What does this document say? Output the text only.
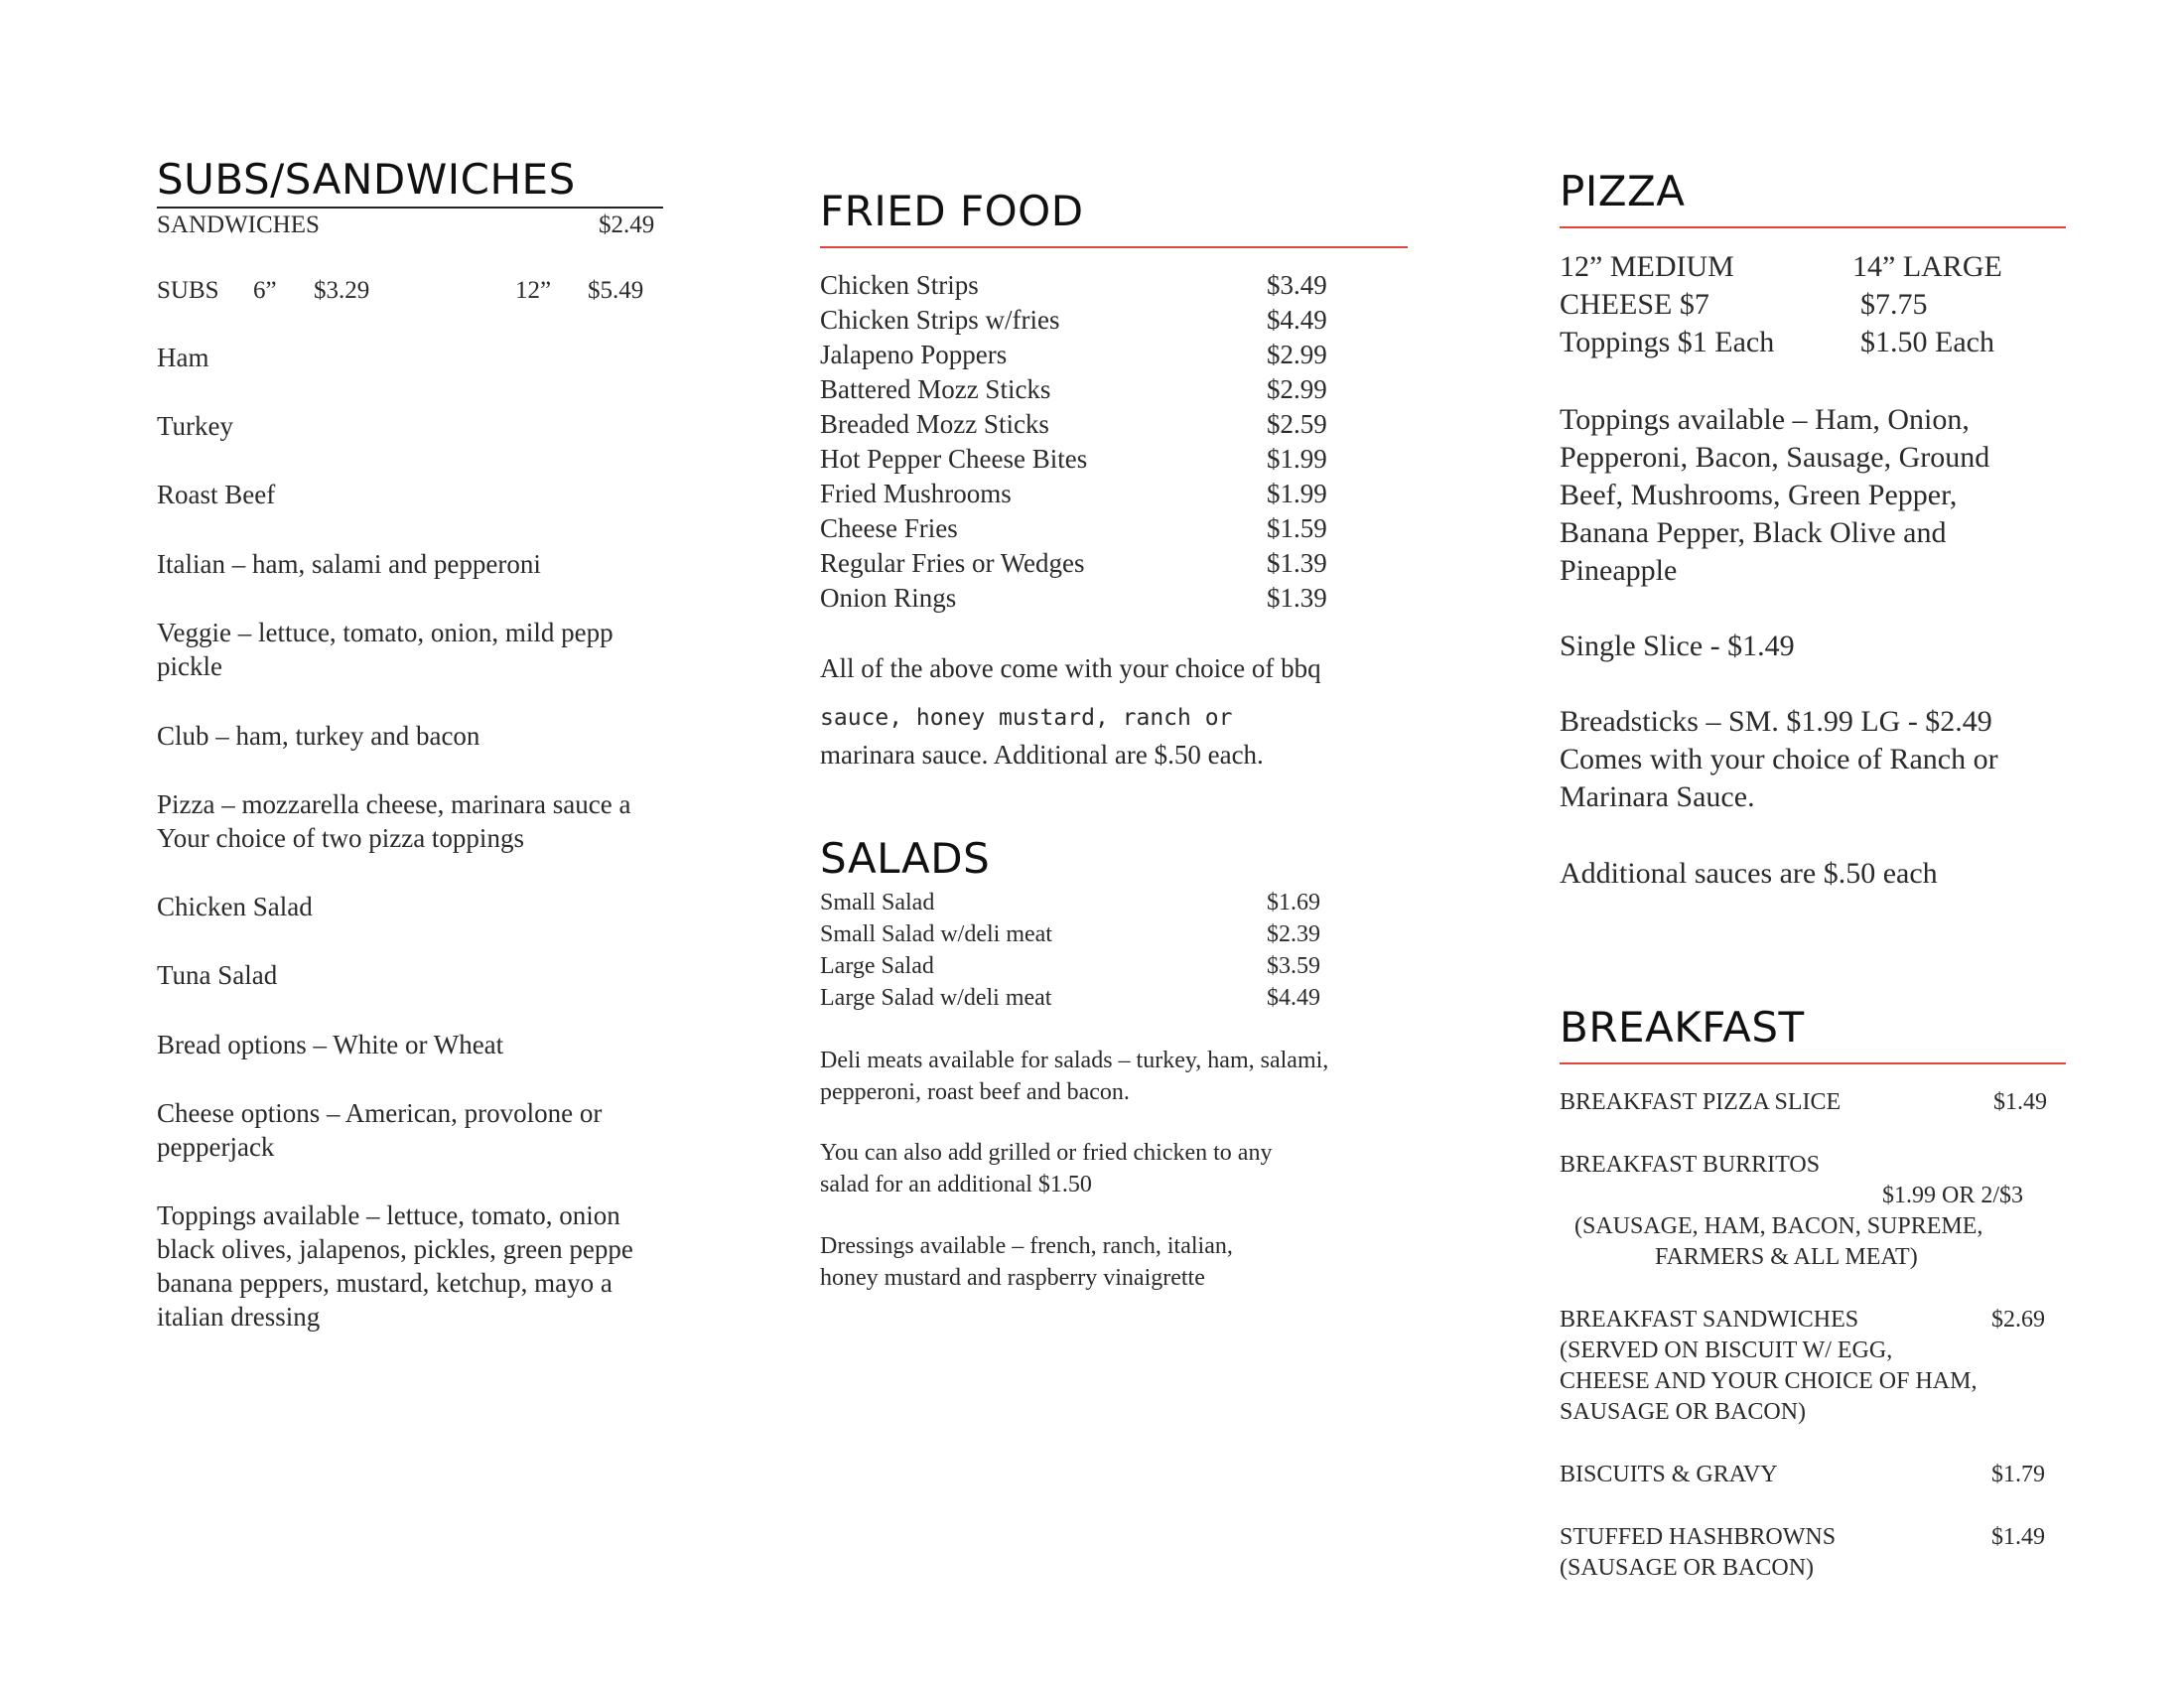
SUBS/SANDWICHES
SANDWICHES	$2.49
SUBS 6” $3.29	12” $5.49
Ham
Turkey
Roast Beef
Italian – ham, salami and pepperoni
Veggie – lettuce, tomato, onion, mild pepp
pickle
Club – ham, turkey and bacon
Pizza – mozzarella cheese, marinara sauce a
Your choice of two pizza toppings
Chicken Salad
Tuna Salad
Bread options – White or Wheat
Cheese options – American, provolone or
pepperjack
Toppings available – lettuce, tomato, onion
black olives, jalapenos, pickles, green peppe
banana peppers, mustard, ketchup, mayo a
italian dressing
FRIED FOOD
Chicken Strips	$3.49
Chicken Strips w/fries	$4.49
Jalapeno Poppers	$2.99
Battered Mozz Sticks	$2.99
Breaded Mozz Sticks	$2.59
Hot Pepper Cheese Bites	$1.99
Fried Mushrooms	$1.99
Cheese Fries	$1.59
Regular Fries or Wedges	$1.39
Onion Rings	$1.39
All of the above come with your choice of bbq
sauce, honey mustard, ranch or
marinara sauce. Additional are $.50 each.
SALADS
Small Salad	$1.69
Small Salad w/deli meat	$2.39
Large Salad	$3.59
Large Salad w/deli meat	$4.49
Deli meats available for salads – turkey, ham, salami,
pepperoni, roast beef and bacon.
You can also add grilled or fried chicken to any
salad for an additional $1.50
Dressings available – french, ranch, italian,
honey mustard and raspberry vinaigrette
PIZZA
12” MEDIUM	14” LARGE
CHEESE $7	$7.75
Toppings $1 Each	$1.50 Each
Toppings available – Ham, Onion,
Pepperoni, Bacon, Sausage, Ground
Beef, Mushrooms, Green Pepper,
Banana Pepper, Black Olive and
Pineapple
Single Slice - $1.49
Breadsticks – SM. $1.99 LG - $2.49
Comes with your choice of Ranch or
Marinara Sauce.
Additional sauces are $.50 each
BREAKFAST
BREAKFAST PIZZA SLICE	$1.49
BREAKFAST BURRITOS
$1.99 OR 2/$3
(SAUSAGE, HAM, BACON, SUPREME,
FARMERS & ALL MEAT)
BREAKFAST SANDWICHES	$2.69
(SERVED ON BISCUIT W/ EGG,
CHEESE AND YOUR CHOICE OF HAM,
SAUSAGE OR BACON)
BISCUITS & GRAVY	$1.79
STUFFED HASHBROWNS	$1.49
(SAUSAGE OR BACON)
